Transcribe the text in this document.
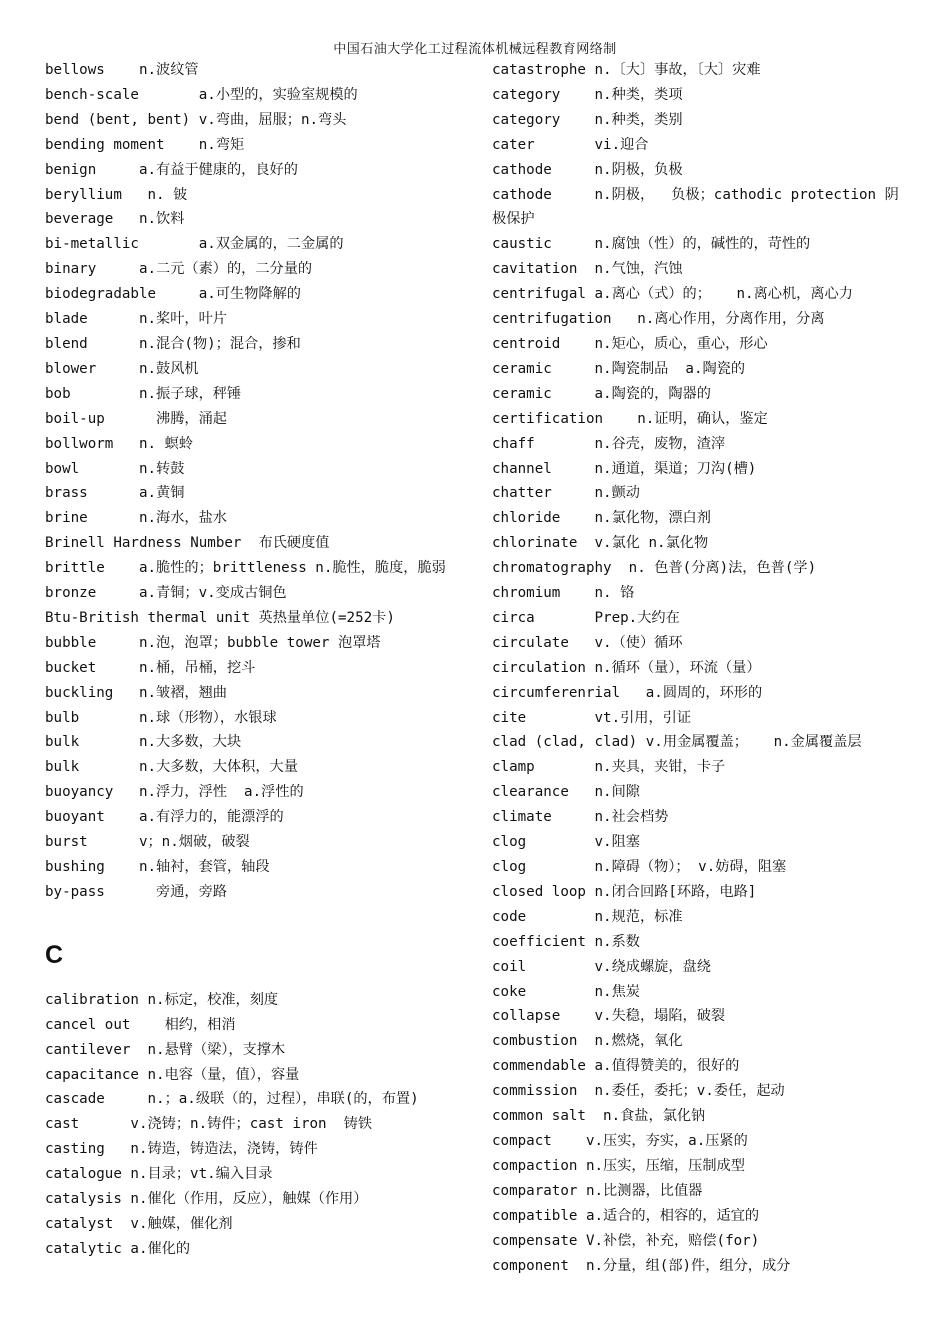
中国石油大学化工过程流体机械远程教育网络制
bellows    n.波纹管
bench-scale       a.小型的，实验室规模的
bend (bent, bent) v.弯曲，屈服；n.弯头
bending moment    n.弯矩
benign     a.有益于健康的，良好的
beryllium   n. 铍
beverage   n.饮料
bi-metallic       a.双金属的，二金属的
binary     a.二元（素）的，二分量的
biodegradable     a.可生物降解的
blade      n.桨叶，叶片
blend      n.混合(物)；混合，掺和
blower     n.鼓风机
bob        n.振子球，秤锤
boil-up      沸腾，涌起
bollworm   n. 螟蛉
bowl       n.转鼓
brass      a.黄铜
brine      n.海水，盐水
Brinell Hardness Number  布氏硬度值
brittle    a.脆性的；brittleness n.脆性，脆度，脆弱
bronze     a.青铜；v.变成古铜色
Btu-British thermal unit 英热量单位(=252卡)
bubble     n.泡，泡罩；bubble tower 泡罩塔
bucket     n.桶，吊桶，挖斗
buckling   n.皱褶，翘曲
bulb       n.球（形物），水银球
bulk       n.大多数，大块
bulk       n.大多数，大体积，大量
buoyancy   n.浮力，浮性  a.浮性的
buoyant    a.有浮力的，能漂浮的
burst      v；n.烟破，破裂
bushing    n.轴衬，套管，轴段
by-pass      旁通，旁路
C
calibration n.标定，校准，刻度
cancel out    相约，相消
cantilever  n.悬臂（梁），支撑木
capacitance n.电容（量，值），容量
cascade     n.；a.级联（的，过程），串联(的，布置)
cast      v.浇铸；n.铸件；cast iron  铸铁
casting   n.铸造，铸造法，浇铸，铸件
catalogue n.目录；vt.编入目录
catalysis n.催化（作用，反应），触媒（作用）
catalyst  v.触媒，催化剂
catalytic a.催化的
catastrophe n.〔大〕事故，〔大〕灾难
category    n.种类，类项
category    n.种类，类别
cater       vi.迎合
cathode     n.阴极，负极
cathode     n.阴极，  负极；cathodic protection 阴极保护
caustic     n.腐蚀（性）的，碱性的，苛性的
cavitation  n.气蚀，汽蚀
centrifugal a.离心（式）的；   n.离心机，离心力
centrifugation   n.离心作用，分离作用，分离
centroid    n.矩心，质心，重心，形心
ceramic     n.陶瓷制品  a.陶瓷的
ceramic     a.陶瓷的，陶器的
certification    n.证明，确认，鉴定
chaff       n.谷壳，废物，渣滓
channel     n.通道，渠道；刀沟(槽)
chatter     n.颤动
chloride    n.氯化物，漂白剂
chlorinate  v.氯化 n.氯化物
chromatography  n. 色普(分离)法，色普(学)
chromium    n. 铬
circa       Prep.大约在
circulate   v.（使）循环
circulation n.循环（量），环流（量）
circumferenrial   a.圆周的，环形的
cite        vt.引用，引证
clad (clad, clad) v.用金属覆盖；   n.金属覆盖层
clamp       n.夹具，夹钳，卡子
clearance   n.间隙
climate     n.社会档势
clog        v.阻塞
clog        n.障碍（物）； v.妨碍，阻塞
closed loop n.闭合回路[环路，电路]
code        n.规范，标准
coefficient n.系数
coil        v.绕成螺旋，盘绕
coke        n.焦炭
collapse    v.失稳，塌陷，破裂
combustion  n.燃烧，氧化
commendable a.值得赞美的，很好的
commission  n.委任，委托；v.委任，起动
common salt  n.食盐，氯化钠
compact    v.压实，夯实，a.压紧的
compaction n.压实，压缩，压制成型
comparator n.比测器，比值器
compatible a.适合的，相容的，适宜的
compensate V.补偿，补充，赔偿(for)
component  n.分量，组(部)件，组分，成分
